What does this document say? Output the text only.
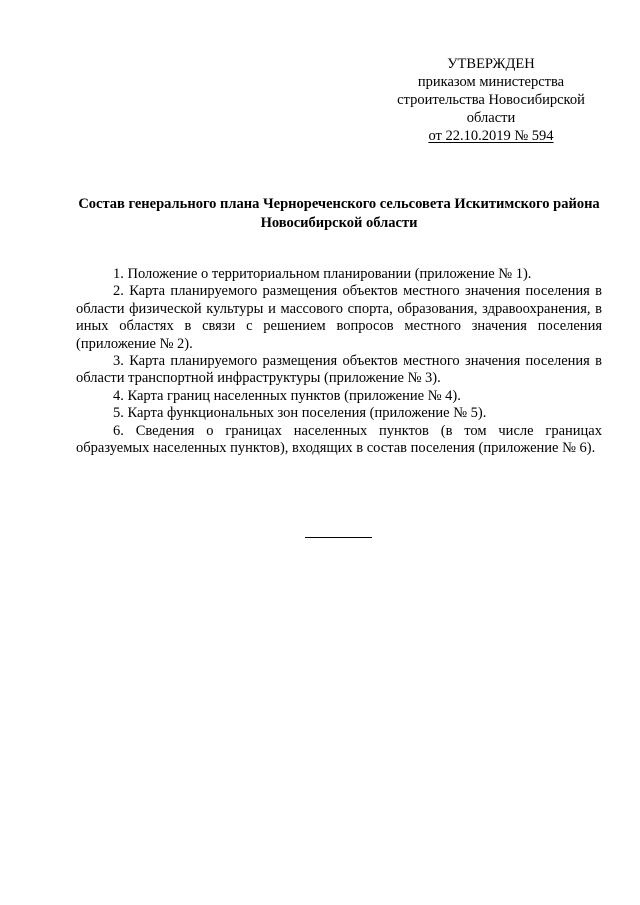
УТВЕРЖДЕН
приказом министерства
строительства Новосибирской
области
от 22.10.2019 № 594
Состав генерального плана Чернореченского сельсовета Искитимского района Новосибирской области

1. Положение о территориальном планировании (приложение № 1).

2. Карта планируемого размещения объектов местного значения поселения в области физической культуры и массового спорта, образования, здравоохранения, в иных областях в связи с решением вопросов местного значения поселения (приложение № 2).

3. Карта планируемого размещения объектов местного значения поселения в области транспортной инфраструктуры (приложение № 3).

4. Карта границ населенных пунктов (приложение № 4).

5. Карта функциональных зон поселения (приложение № 5).

6. Сведения о границах населенных пунктов (в том числе границах образуемых населенных пунктов), входящих в состав поселения (приложение № 6).
